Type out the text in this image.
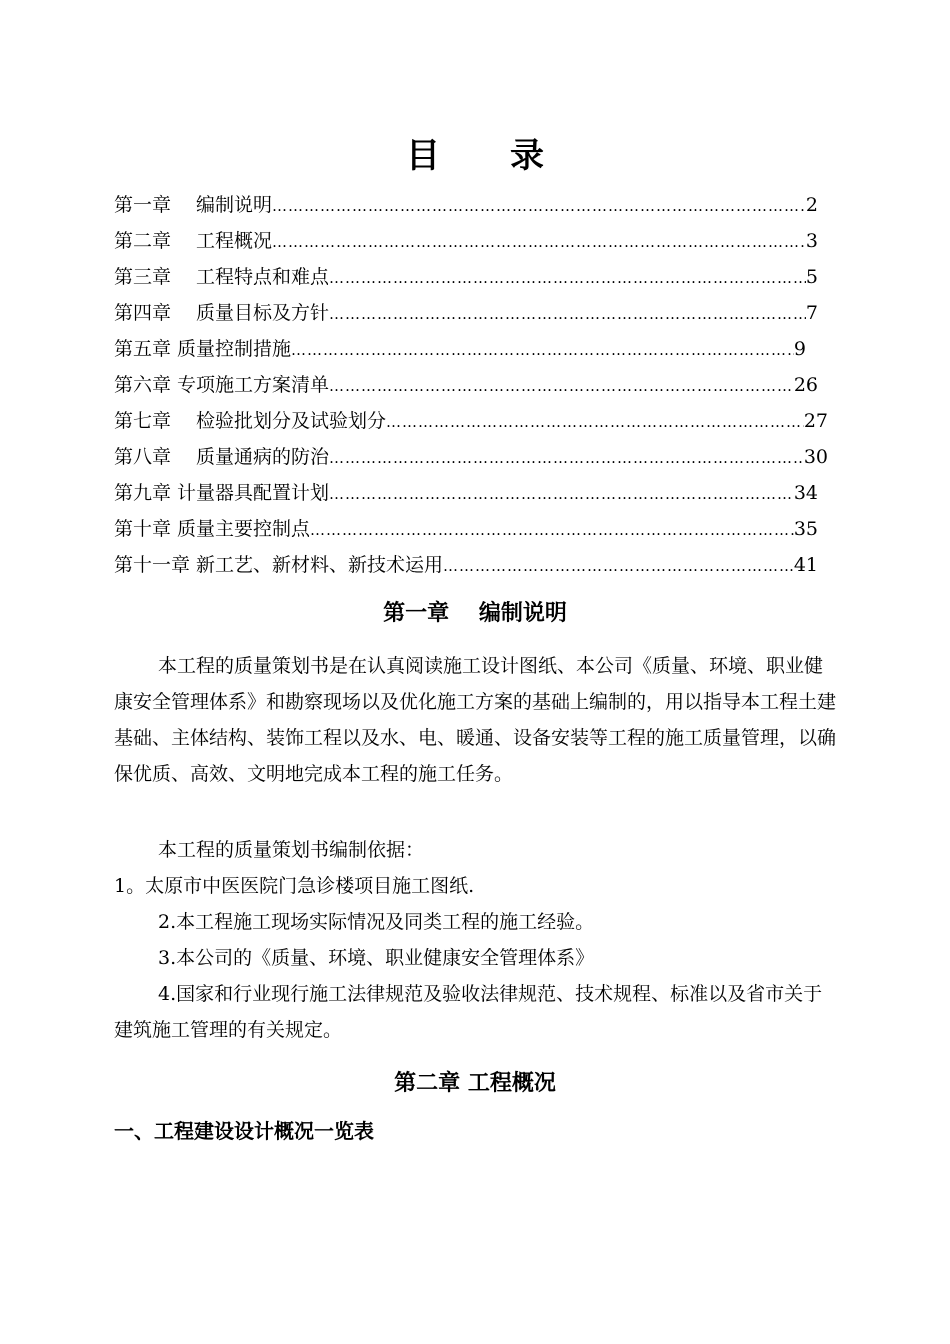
目 录
第一章　 编制说明 ………………………………………………………………………………………………………………………………………………………………	2
第二章　 工程概况 ………………………………………………………………………………………………………………………………………………………………	3
第三章　 工程特点和难点 ………………………………………………………………………………………………………………………………………………………………	5
第四章　 质量目标及方针 ………………………………………………………………………………………………………………………………………………………………	7
第五章 质量控制措施 ………………………………………………………………………………………………………………………………………………………………	9
第六章 专项施工方案清单 ………………………………………………………………………………………………………………………………………………………………	26
第七章　 检验批划分及试验划分 ………………………………………………………………………………………………………………………………………………………………	27
第八章　 质量通病的防治 ………………………………………………………………………………………………………………………………………………………………	30
第九章 计量器具配置计划 ………………………………………………………………………………………………………………………………………………………………	34
第十章 质量主要控制点 ………………………………………………………………………………………………………………………………………………………………	35
第十一章 新工艺、新材料、新技术运用 ………………………………………………………………………………………………………………………………………………………………	41
第一章　 编制说明
本工程的质量策划书是在认真阅读施工设计图纸、本公司《质量、环境、职业健康安全管理体系》和勘察现场以及优化施工方案的基础上编制的，用以指导本工程土建基础、主体结构、装饰工程以及水、电、暖通、设备安装等工程的施工质量管理，以确保优质、高效、文明地完成本工程的施工任务。
本工程的质量策划书编制依据：
1。太原市中医医院门急诊楼项目施工图纸.
2.本工程施工现场实际情况及同类工程的施工经验。
3.本公司的《质量、环境、职业健康安全管理体系》
4.国家和行业现行施工法律规范及验收法律规范、技术规程、标准以及省市关于建筑施工管理的有关规定。
第二章 工程概况
一、工程建设设计概况一览表
